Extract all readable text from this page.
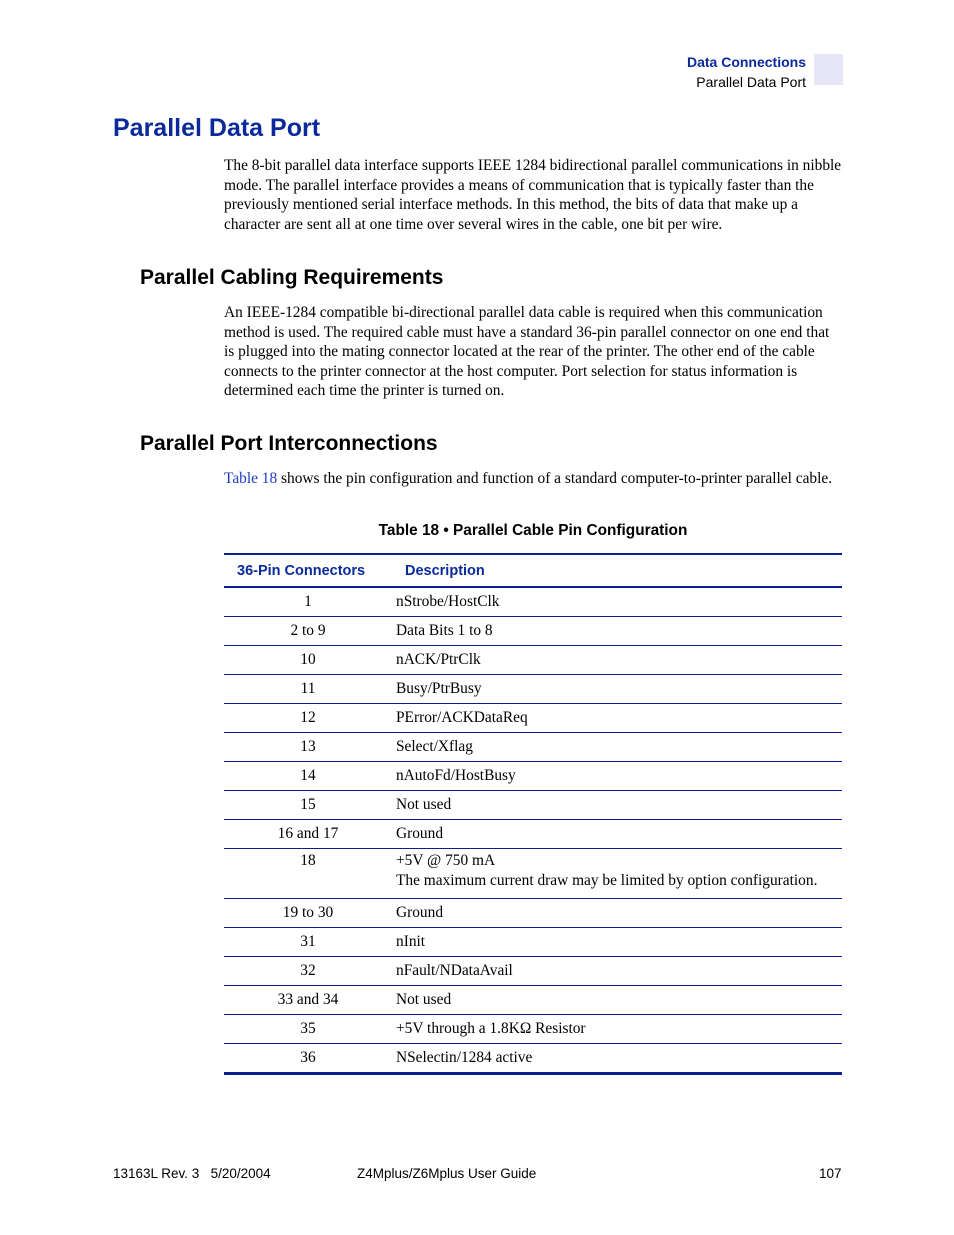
Data Connections
Parallel Data Port
Parallel Data Port

The 8-bit parallel data interface supports IEEE 1284 bidirectional parallel communications in nibble mode. The parallel interface provides a means of communication that is typically faster than the previously mentioned serial interface methods. In this method, the bits of data that make up a character are sent all at one time over several wires in the cable, one bit per wire.

Parallel Cabling Requirements

An IEEE-1284 compatible bi-directional parallel data cable is required when this communication method is used. The required cable must have a standard 36-pin parallel connector on one end that is plugged into the mating connector located at the rear of the printer. The other end of the cable connects to the printer connector at the host computer. Port selection for status information is determined each time the printer is turned on.

Parallel Port Interconnections

Table 18 shows the pin configuration and function of a standard computer-to-printer parallel cable.

Table 18 • Parallel Cable Pin Configuration
36-Pin Connectors	Description
1	nStrobe/HostClk
2 to 9	Data Bits 1 to 8
10	nACK/PtrClk
11	Busy/PtrBusy
12	PError/ACKDataReq
13	Select/Xflag
14	nAutoFd/HostBusy
15	Not used
16 and 17	Ground
18	+5V @ 750 mA
The maximum current draw may be limited by option configuration.

19 to 30	Ground
31	nInit
32	nFault/NDataAvail
33 and 34	Not used
35	+5V through a 1.8KΩ Resistor
36	NSelectin/1284 active
13163L Rev. 3   5/20/2004	Z4Mplus/Z6Mplus User Guide	107
